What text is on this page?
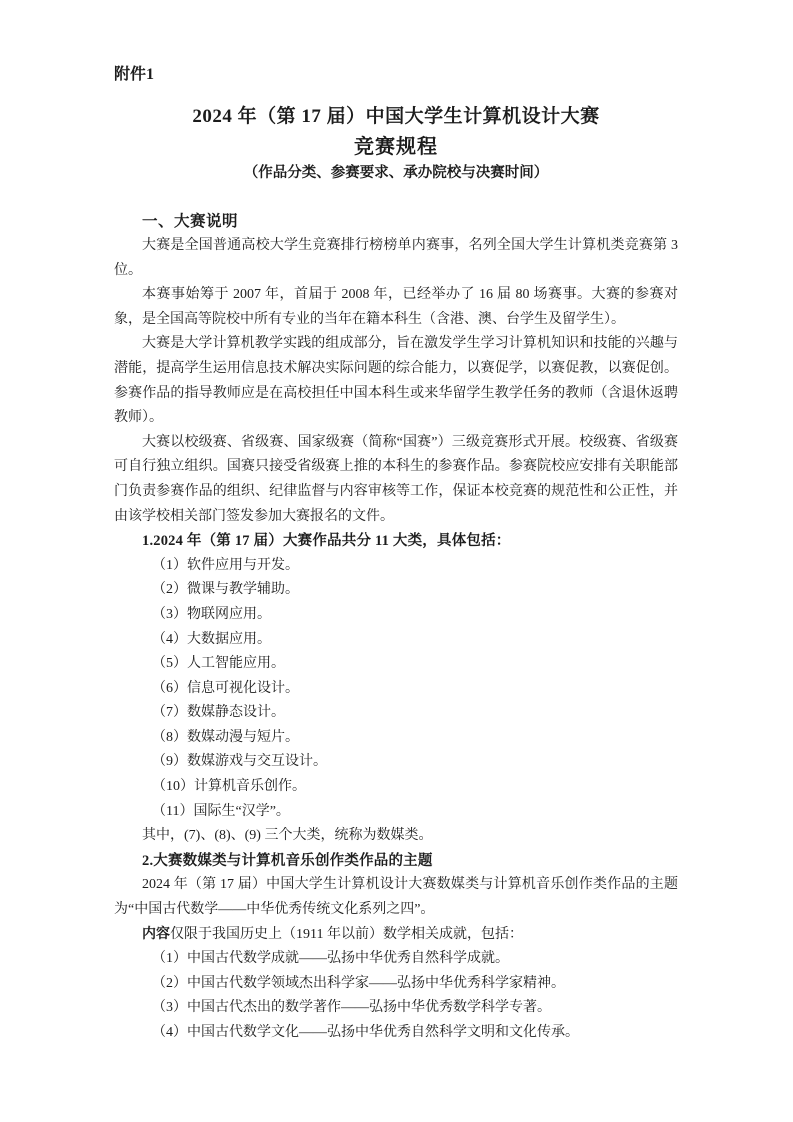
附件1
2024 年（第 17 届）中国大学生计算机设计大赛
竞赛规程
（作品分类、参赛要求、承办院校与决赛时间）
一、大赛说明

大赛是全国普通高校大学生竞赛排行榜榜单内赛事，名列全国大学生计算机类竞赛第 3 位。

本赛事始筹于 2007 年，首届于 2008 年，已经举办了 16 届 80 场赛事。大赛的参赛对象，是全国高等院校中所有专业的当年在籍本科生（含港、澳、台学生及留学生）。

大赛是大学计算机教学实践的组成部分，旨在激发学生学习计算机知识和技能的兴趣与潜能，提高学生运用信息技术解决实际问题的综合能力，以赛促学，以赛促教，以赛促创。参赛作品的指导教师应是在高校担任中国本科生或来华留学生教学任务的教师（含退休返聘教师）。

大赛以校级赛、省级赛、国家级赛（简称“国赛”）三级竞赛形式开展。校级赛、省级赛可自行独立组织。国赛只接受省级赛上推的本科生的参赛作品。参赛院校应安排有关职能部门负责参赛作品的组织、纪律监督与内容审核等工作，保证本校竞赛的规范性和公正性，并由该学校相关部门签发参加大赛报名的文件。

1.2024 年（第 17 届）大赛作品共分 11 大类，具体包括：
（1）软件应用与开发。
（2）微课与教学辅助。
（3）物联网应用。
（4）大数据应用。
（5）人工智能应用。
（6）信息可视化设计。
（7）数媒静态设计。
（8）数媒动漫与短片。
（9）数媒游戏与交互设计。
（10）计算机音乐创作。
（11）国际生“汉学”。
其中，(7)、(8)、(9) 三个大类，统称为数媒类。
2.大赛数媒类与计算机音乐创作类作品的主题

2024 年（第 17 届）中国大学生计算机设计大赛数媒类与计算机音乐创作类作品的主题为“中国古代数学——中华优秀传统文化系列之四”。

内容仅限于我国历史上（1911 年以前）数学相关成就，包括：

（1）中国古代数学成就——弘扬中华优秀自然科学成就。
（2）中国古代数学领域杰出科学家——弘扬中华优秀科学家精神。
（3）中国古代杰出的数学著作——弘扬中华优秀数学科学专著。
（4）中国古代数学文化——弘扬中华优秀自然科学文明和文化传承。
